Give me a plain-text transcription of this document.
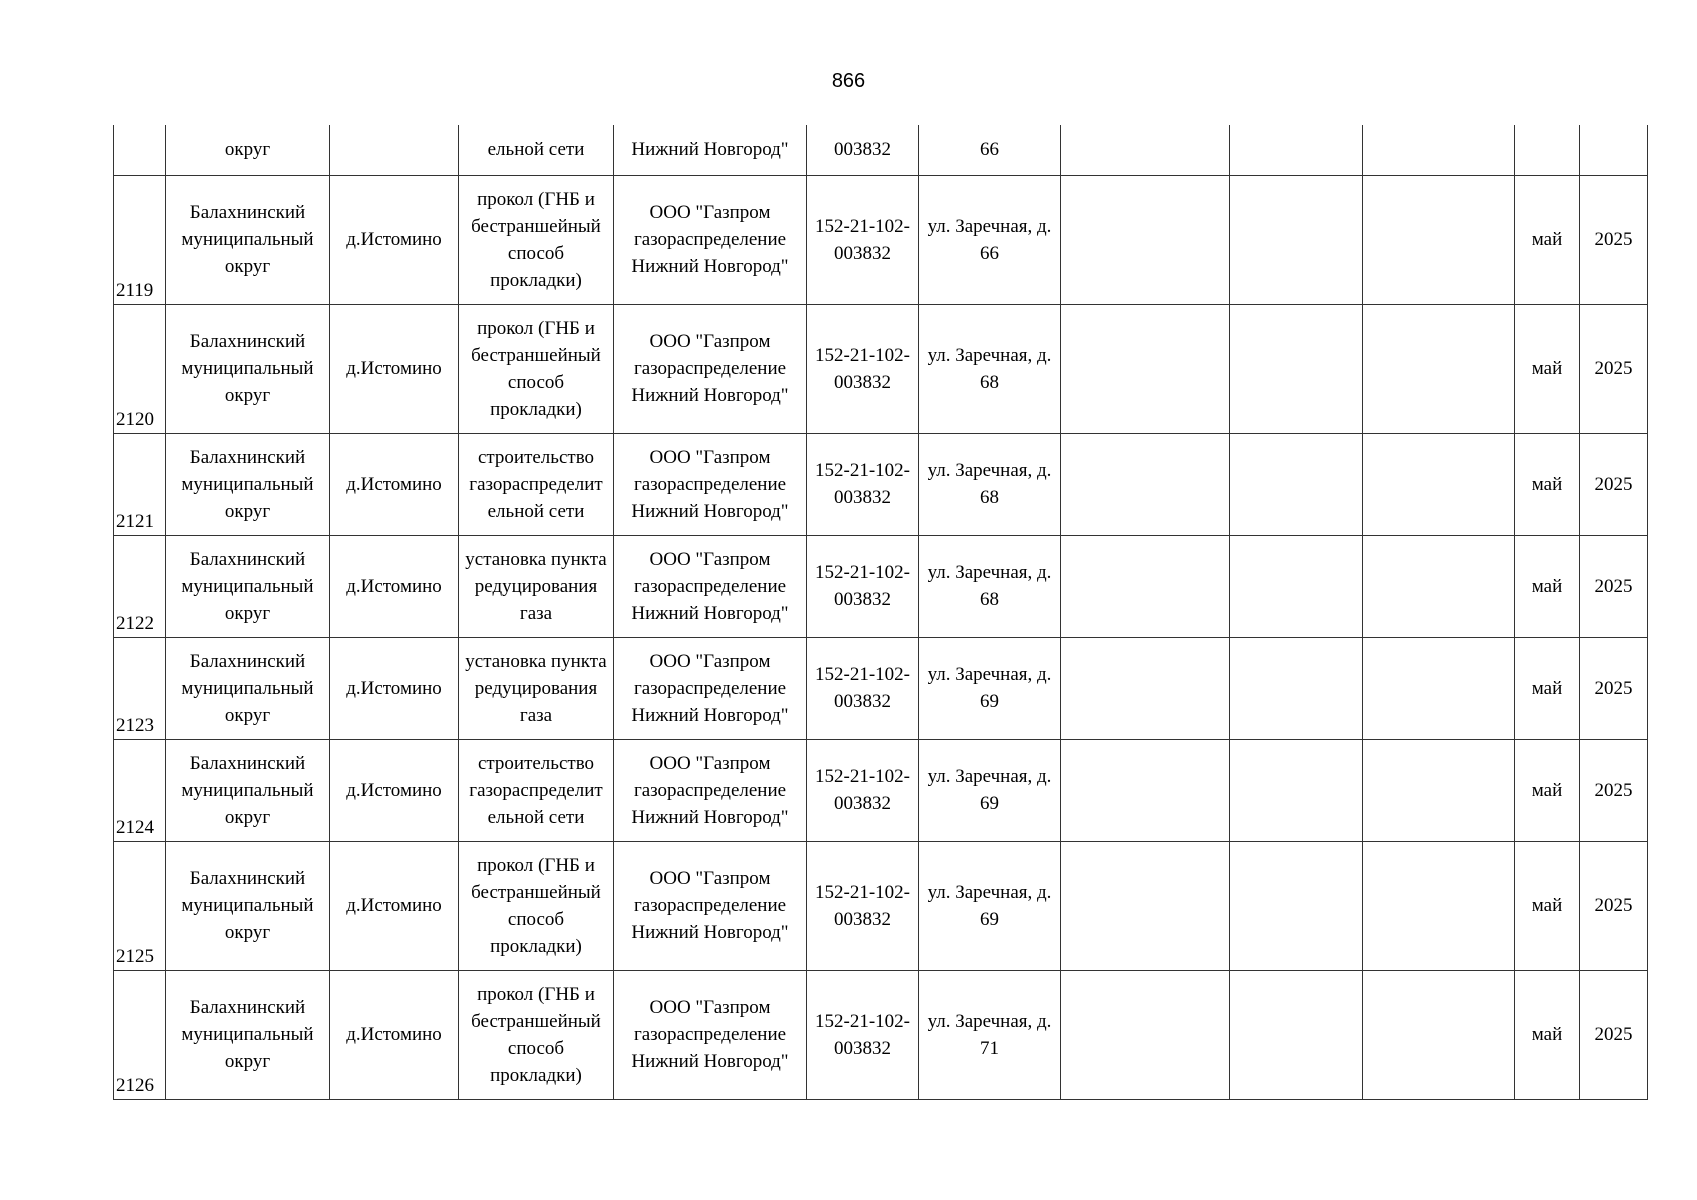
866
	округ		ельной сети	Нижний Новгород"	003832	66					
2119	Балахнинский муниципальный округ	д.Истомино	прокол (ГНБ и бестраншейный способ прокладки)	ООО "Газпром газораспределение Нижний Новгород"	152-21-102-003832	ул. Заречная, д. 66				май	2025
2120	Балахнинский муниципальный округ	д.Истомино	прокол (ГНБ и бестраншейный способ прокладки)	ООО "Газпром газораспределение Нижний Новгород"	152-21-102-003832	ул. Заречная, д. 68				май	2025
2121	Балахнинский муниципальный округ	д.Истомино	строительство газораспределит ельной сети	ООО "Газпром газораспределение Нижний Новгород"	152-21-102-003832	ул. Заречная, д. 68				май	2025
2122	Балахнинский муниципальный округ	д.Истомино	установка пункта редуцирования газа	ООО "Газпром газораспределение Нижний Новгород"	152-21-102-003832	ул. Заречная, д. 68				май	2025
2123	Балахнинский муниципальный округ	д.Истомино	установка пункта редуцирования газа	ООО "Газпром газораспределение Нижний Новгород"	152-21-102-003832	ул. Заречная, д. 69				май	2025
2124	Балахнинский муниципальный округ	д.Истомино	строительство газораспределит ельной сети	ООО "Газпром газораспределение Нижний Новгород"	152-21-102-003832	ул. Заречная, д. 69				май	2025
2125	Балахнинский муниципальный округ	д.Истомино	прокол (ГНБ и бестраншейный способ прокладки)	ООО "Газпром газораспределение Нижний Новгород"	152-21-102-003832	ул. Заречная, д. 69				май	2025
2126	Балахнинский муниципальный округ	д.Истомино	прокол (ГНБ и бестраншейный способ прокладки)	ООО "Газпром газораспределение Нижний Новгород"	152-21-102-003832	ул. Заречная, д. 71				май	2025
